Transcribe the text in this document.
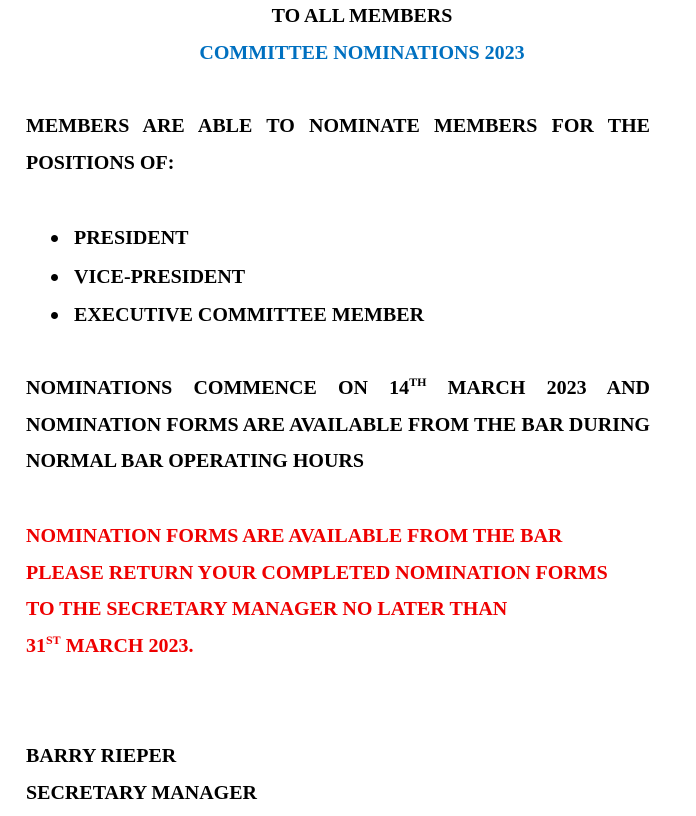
TO ALL MEMBERS
COMMITTEE NOMINATIONS 2023
MEMBERS ARE ABLE TO NOMINATE MEMBERS FOR THE POSITIONS OF:
PRESIDENT
VICE-PRESIDENT
EXECUTIVE COMMITTEE MEMBER
NOMINATIONS COMMENCE ON 14TH MARCH 2023 AND NOMINATION FORMS ARE AVAILABLE FROM THE BAR DURING NORMAL BAR OPERATING HOURS
NOMINATION FORMS ARE AVAILABLE FROM THE BAR
PLEASE RETURN YOUR COMPLETED NOMINATION FORMS
TO THE SECRETARY MANAGER NO LATER THAN
31ST MARCH 2023.
BARRY RIEPER
SECRETARY MANAGER
